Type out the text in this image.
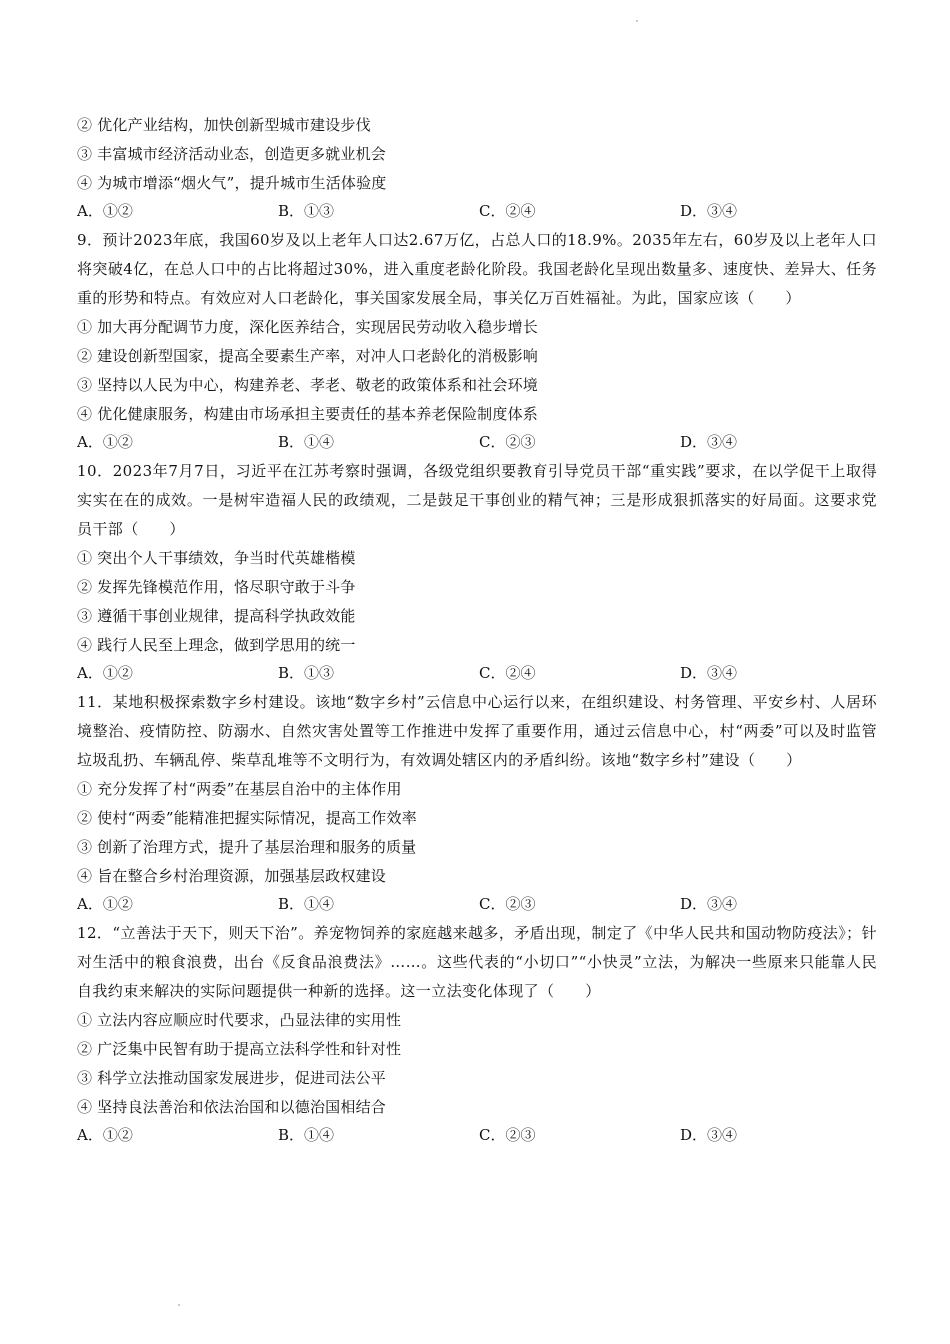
② 优化产业结构，加快创新型城市建设步伐
③ 丰富城市经济活动业态，创造更多就业机会
④ 为城市增添“烟火气”，提升城市生活体验度
A．①②	B．①③	C．②④	D．③④
9．预计2023年底，我国60岁及以上老年人口达2.67万亿，占总人口的18.9%。2035年左右，60岁及以上老年人口将突破4亿，在总人口中的占比将超过30%，进入重度老龄化阶段。我国老龄化呈现出数量多、速度快、差异大、任务重的形势和特点。有效应对人口老龄化，事关国家发展全局，事关亿万百姓福祉。为此，国家应该（　　）
① 加大再分配调节力度，深化医养结合，实现居民劳动收入稳步增长
② 建设创新型国家，提高全要素生产率，对冲人口老龄化的消极影响
③ 坚持以人民为中心，构建养老、孝老、敬老的政策体系和社会环境
④ 优化健康服务，构建由市场承担主要责任的基本养老保险制度体系
A．①②	B．①④	C．②③	D．③④
10．2023年7月7日，习近平在江苏考察时强调，各级党组织要教育引导党员干部“重实践”要求，在以学促干上取得实实在在的成效。一是树牢造福人民的政绩观，二是鼓足干事创业的精气神；三是形成狠抓落实的好局面。这要求党员干部（　　）
① 突出个人干事绩效，争当时代英雄楷模
② 发挥先锋模范作用，恪尽职守敢于斗争
③ 遵循干事创业规律，提高科学执政效能
④ 践行人民至上理念，做到学思用的统一
A．①②	B．①③	C．②④	D．③④
11．某地积极探索数字乡村建设。该地“数字乡村”云信息中心运行以来，在组织建设、村务管理、平安乡村、人居环境整治、疫情防控、防溺水、自然灾害处置等工作推进中发挥了重要作用，通过云信息中心，村“两委”可以及时监管垃圾乱扔、车辆乱停、柴草乱堆等不文明行为，有效调处辖区内的矛盾纠纷。该地“数字乡村”建设（　　）
① 充分发挥了村“两委”在基层自治中的主体作用
② 使村“两委”能精准把握实际情况，提高工作效率
③ 创新了治理方式，提升了基层治理和服务的质量
④ 旨在整合乡村治理资源，加强基层政权建设
A．①②	B．①④	C．②③	D．③④
12．“立善法于天下，则天下治”。养宠物饲养的家庭越来越多，矛盾出现，制定了《中华人民共和国动物防疫法》；针对生活中的粮食浪费，出台《反食品浪费法》……。这些代表的“小切口”“小快灵”立法，为解决一些原来只能靠人民自我约束来解决的实际问题提供一种新的选择。这一立法变化体现了（　　）
① 立法内容应顺应时代要求，凸显法律的实用性
② 广泛集中民智有助于提高立法科学性和针对性
③ 科学立法推动国家发展进步，促进司法公平
④ 坚持良法善治和依法治国和以德治国相结合
A．①②	B．①④	C．②③	D．③④
